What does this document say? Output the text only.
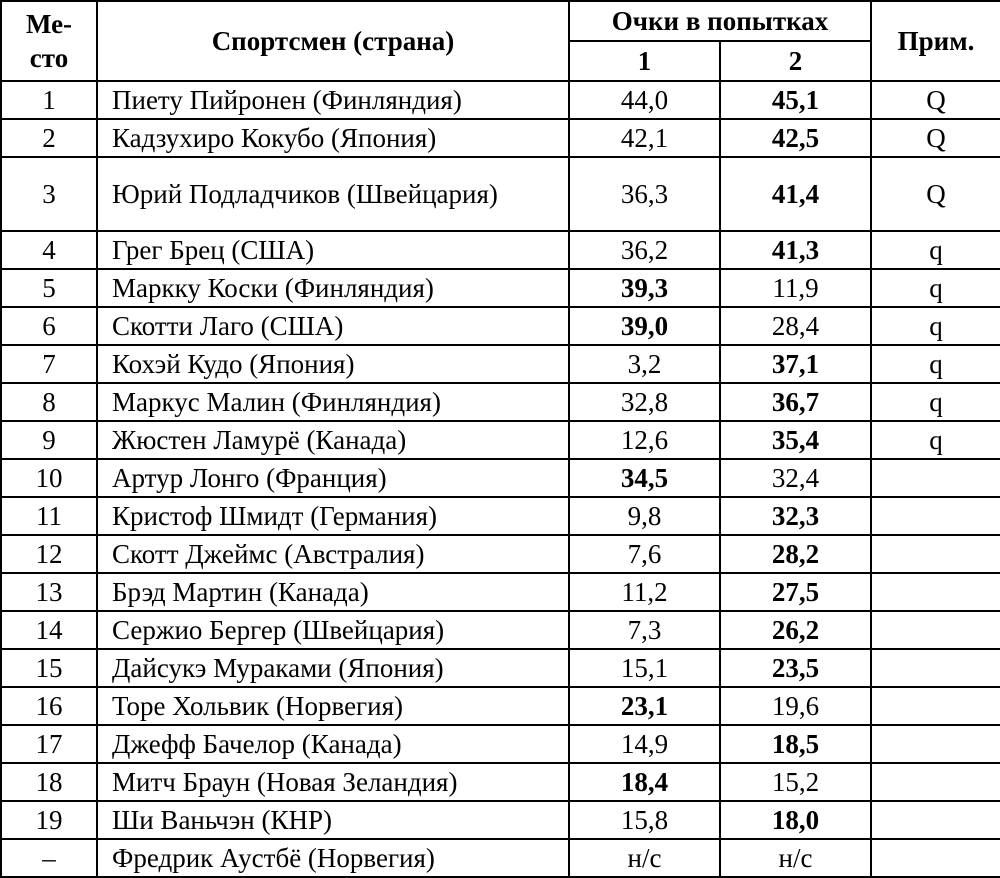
Ме-
сто	Спортсмен (страна)	Очки в попытках		Прим.
		1	2	
1	Пиету Пийронен (Финляндия)	44,0	45,1	Q
2	Кадзухиро Кокубо (Япония)	42,1	42,5	Q
3	Юрий Подладчиков (Швейцария)	36,3	41,4	Q
4	Грег Брец (США)	36,2	41,3	q
5	Маркку Коски (Финляндия)	39,3	11,9	q
6	Скотти Лаго (США)	39,0	28,4	q
7	Кохэй Кудо (Япония)	3,2	37,1	q
8	Маркус Малин (Финляндия)	32,8	36,7	q
9	Жюстен Ламурё (Канада)	12,6	35,4	q
10	Артур Лонго (Франция)	34,5	32,4	
11	Кристоф Шмидт (Германия)	9,8	32,3	
12	Скотт Джеймс (Австралия)	7,6	28,2	
13	Брэд Мартин (Канада)	11,2	27,5	
14	Сержио Бергер (Швейцария)	7,3	26,2	
15	Дайсукэ Мураками (Япония)	15,1	23,5	
16	Торе Хольвик (Норвегия)	23,1	19,6	
17	Джефф Бачелор (Канада)	14,9	18,5	
18	Митч Браун (Новая Зеландия)	18,4	15,2	
19	Ши Ваньчэн (КНР)	15,8	18,0	
–	Фредрик Аустбё (Норвегия)	н/с	н/с	
